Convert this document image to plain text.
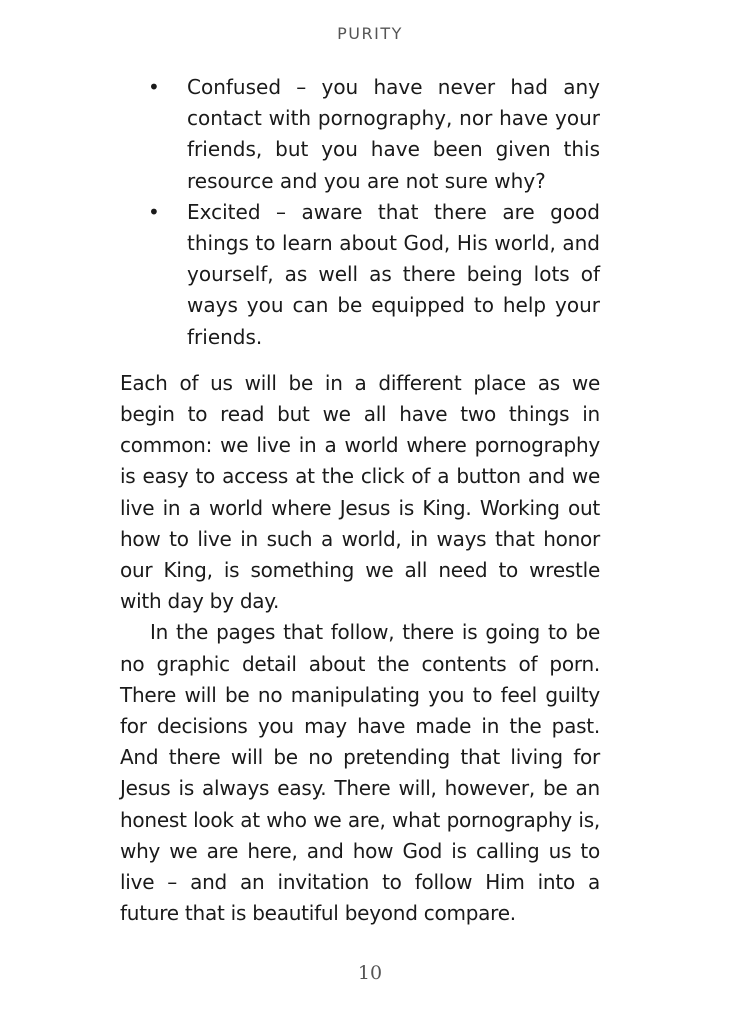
PURITY
• Confused – you have never had any contact with pornography, nor have your friends, but you have been given this resource and you are not sure why?
• Excited – aware that there are good things to learn about God, His world, and yourself, as well as there being lots of ways you can be equipped to help your friends.

Each of us will be in a different place as we begin to read but we all have two things in common: we live in a world where pornography is easy to access at the click of a button and we live in a world where Jesus is King. Working out how to live in such a world, in ways that honor our King, is something we all need to wrestle with day by day.

In the pages that follow, there is going to be no graphic detail about the contents of porn. There will be no manipulating you to feel guilty for decisions you may have made in the past. And there will be no pretending that living for Jesus is always easy. There will, however, be an honest look at who we are, what pornography is, why we are here, and how God is calling us to live – and an invitation to follow Him into a future that is beautiful beyond compare.

10
